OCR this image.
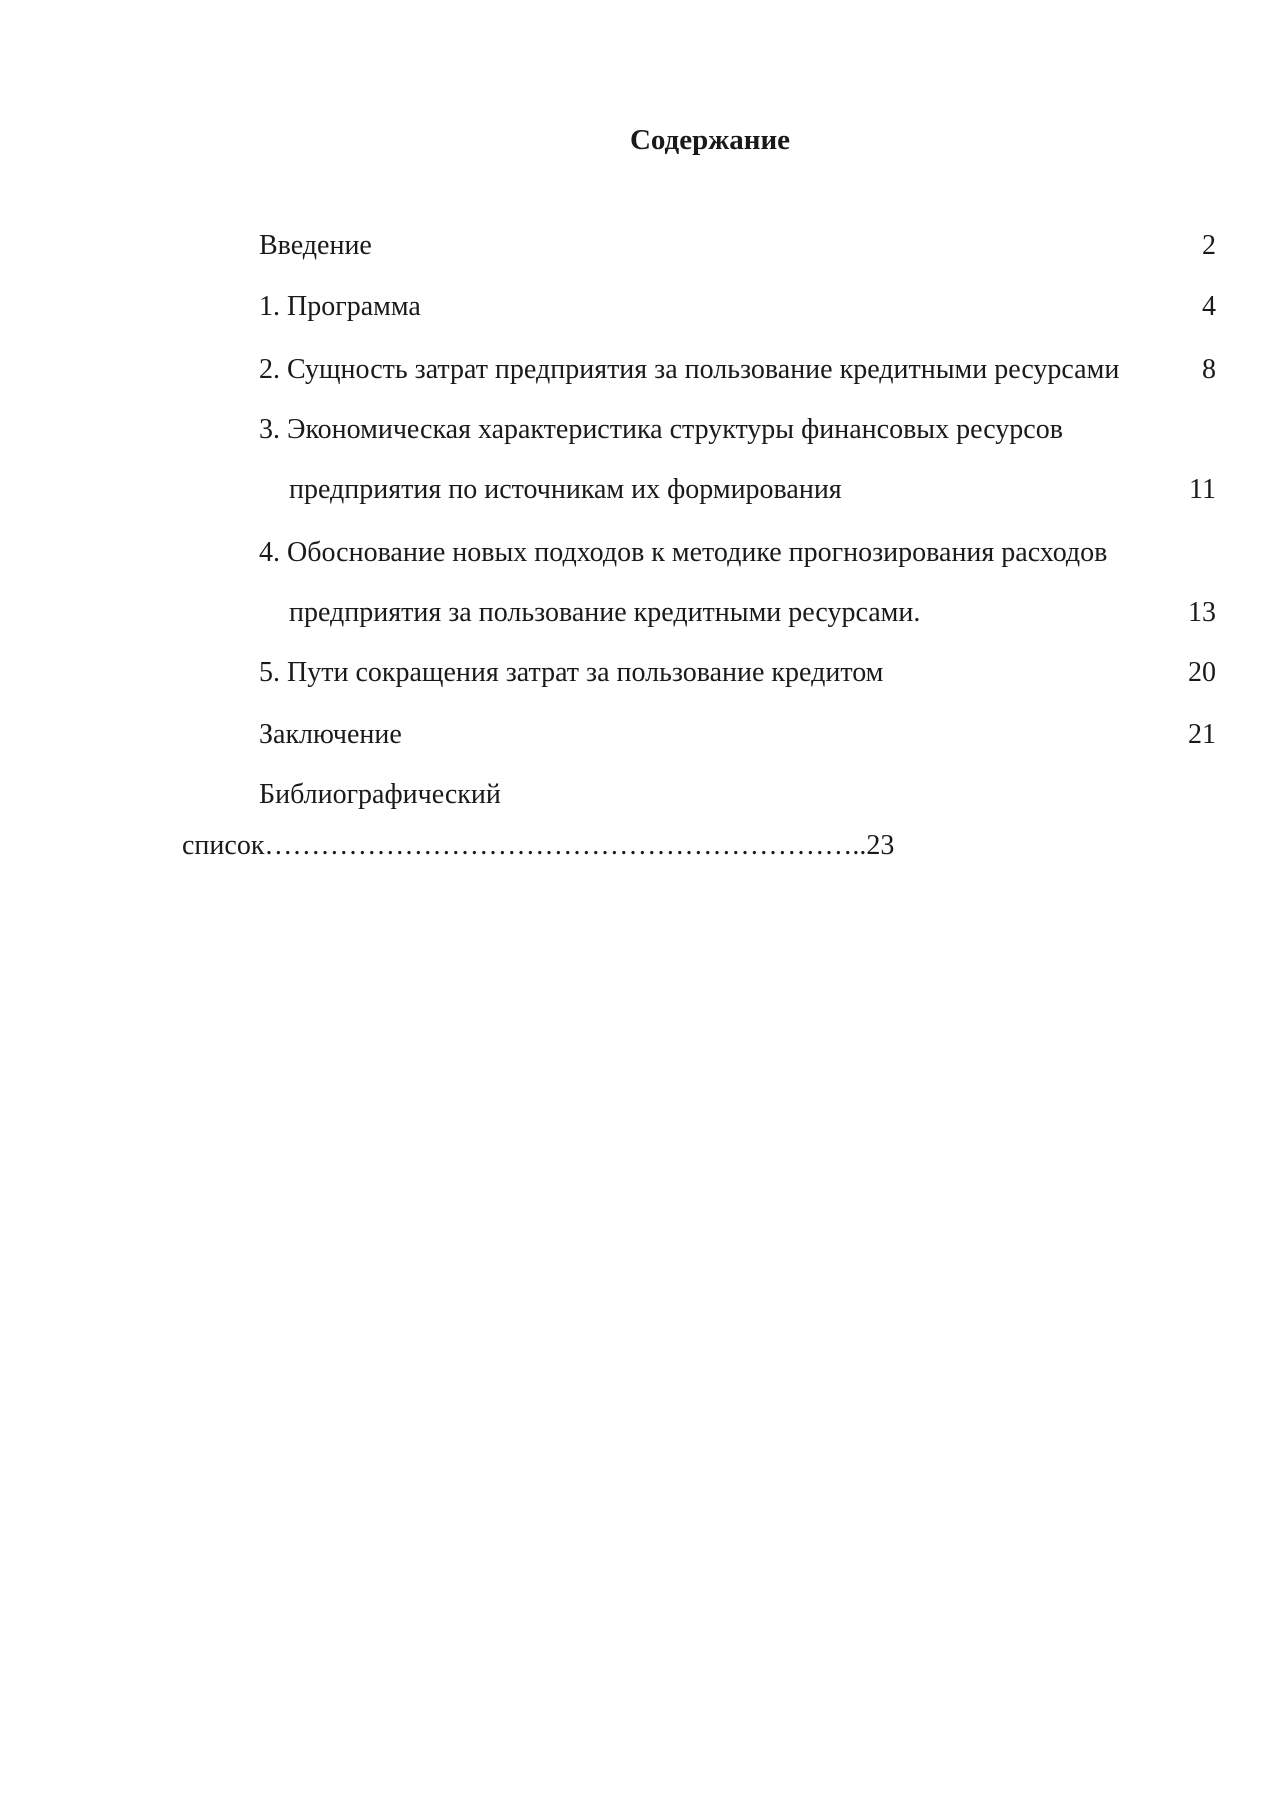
Содержание
Введение	2
1. Программа	4
2. Сущность затрат предприятия за пользование кредитными ресурсами	8
3. Экономическая характеристика структуры финансовых ресурсов
предприятия по источникам их формирования	11
4. Обоснование новых подходов к методике прогнозирования расходов
предприятия за пользование кредитными ресурсами.	13
5. Пути сокращения затрат за пользование кредитом	20
Заключение	21
Библиографический
список………………………………………………………..23
